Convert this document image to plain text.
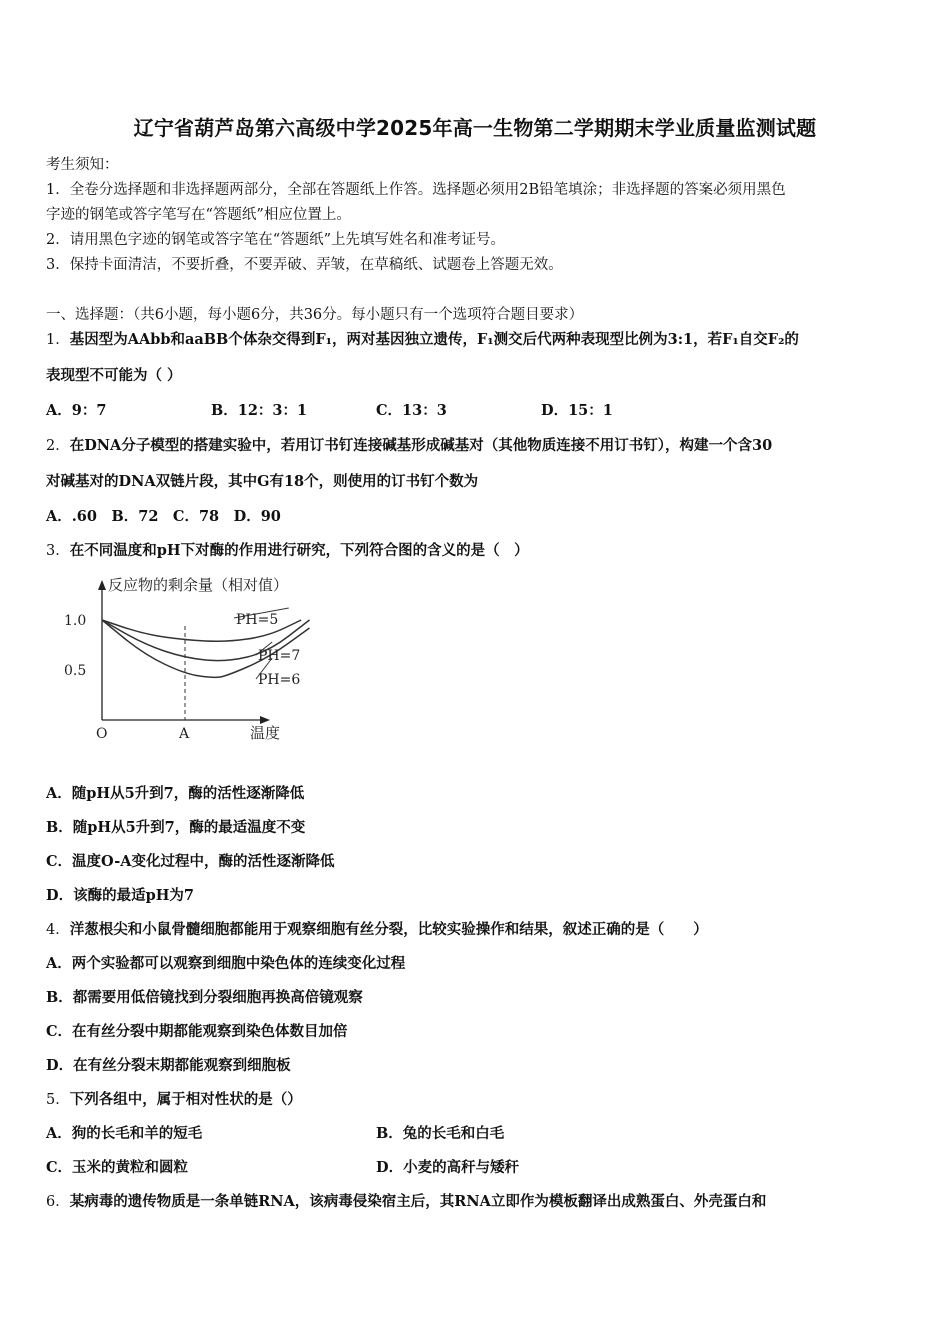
辽宁省葫芦岛第六高级中学2025年高一生物第二学期期末学业质量监测试题
考生须知：
1．全卷分选择题和非选择题两部分，全部在答题纸上作答。选择题必须用2B铅笔填涂；非选择题的答案必须用黑色
字迹的钢笔或答字笔写在“答题纸”相应位置上。
2．请用黑色字迹的钢笔或答字笔在“答题纸”上先填写姓名和准考证号。
3．保持卡面清洁，不要折叠，不要弄破、弄皱，在草稿纸、试题卷上答题无效。
一、选择题：（共6小题，每小题6分，共36分。每小题只有一个选项符合题目要求）
1．基因型为AAbb和aaBB个体杂交得到F₁，两对基因独立遗传，F₁测交后代两种表现型比例为3:1，若F₁自交F₂的
表现型不可能为（ ）
A．9：7	B．12：3：1	C．13：3	D．15：1
2．在DNA分子模型的搭建实验中，若用订书钉连接碱基形成碱基对（其他物质连接不用订书钉），构建一个含30
对碱基对的DNA双链片段，其中G有18个，则使用的订书钉个数为
A．.60　B．72　C．78　D．90
3．在不同温度和pH下对酶的作用进行研究，下列符合图的含义的是（　）
反应物的剩余量（相对值）
温度
1.0
0.5
O	A
PH=5
PH=7
PH=6
A．随pH从5升到7，酶的活性逐渐降低
B．随pH从5升到7，酶的最适温度不变
C．温度O-A变化过程中，酶的活性逐渐降低
D．该酶的最适pH为7
4．洋葱根尖和小鼠骨髓细胞都能用于观察细胞有丝分裂，比较实验操作和结果，叙述正确的是（　　）
A．两个实验都可以观察到细胞中染色体的连续变化过程
B．都需要用低倍镜找到分裂细胞再换高倍镜观察
C．在有丝分裂中期都能观察到染色体数目加倍
D．在有丝分裂末期都能观察到细胞板
5．下列各组中，属于相对性状的是（）
A．狗的长毛和羊的短毛	B．兔的长毛和白毛
C．玉米的黄粒和圆粒	D．小麦的高秆与矮秆
6．某病毒的遗传物质是一条单链RNA，该病毒侵染宿主后，其RNA立即作为模板翻译出成熟蛋白、外壳蛋白和
